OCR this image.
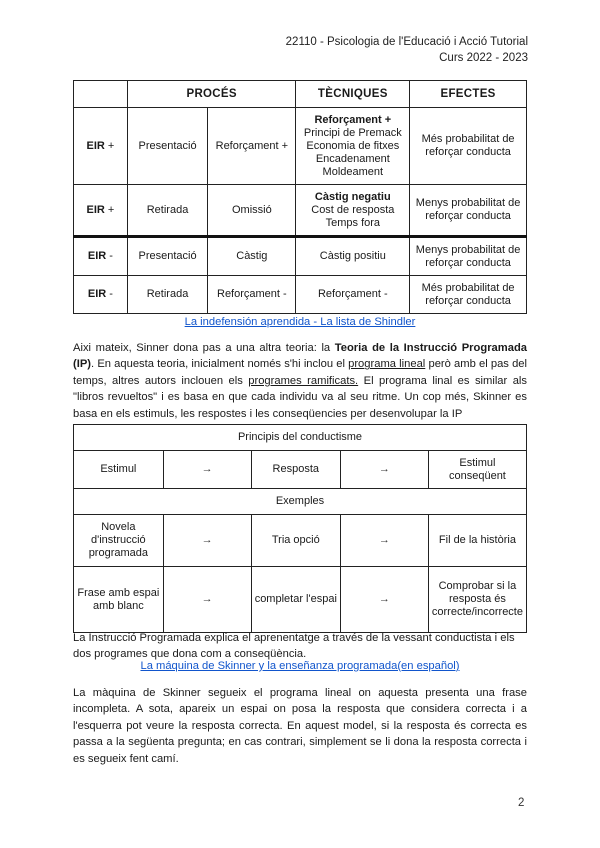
22110 - Psicologia de l'Educació i Acció Tutorial
Curs 2022 - 2023
	PROCÉS		TÈCNIQUES	EFECTES
EIR +	Presentació	Reforçament +	Reforçament +
Principi de Premack
Economia de fitxes
Encadenament
Moldeament	Més probabilitat de reforçar conducta
EIR +	Retirada	Omissió	Càstig negatiu
Cost de resposta
Temps fora	Menys probabilitat de reforçar conducta
EIR -	Presentació	Càstig	Càstig positiu	Menys probabilitat de reforçar conducta
EIR -	Retirada	Reforçament -	Reforçament -	Més probabilitat de reforçar conducta
La indefensión aprendida - La lista de Shindler
Aixi mateix, Sinner dona pas a una altra teoria: la Teoria de la Instrucció Programada (IP). En aquesta teoria, inicialment només s'hi inclou el programa lineal però amb el pas del temps, altres autors inclouen els programes ramificats. El programa linal es similar als "libros revueltos" i es basa en que cada individu va al seu ritme. Un cop més, Skinner es basa en els estimuls, les respostes i les conseqüencies per desenvolupar la IP
Principis del conductisme				
Estimul	→	Resposta	→	Estimul conseqüent
Exemples				
Novela d'instrucció programada	→	Tria opció	→	Fil de la història
Frase amb espai amb blanc	→	completar l'espai	→	Comprobar si la resposta és correcte/incorrecte
La Instrucció Programada explica el aprenentatge a través de la vessant conductista i els dos programes que dona com a conseqüència.
La máquina de Skinner y la enseñanza programada(en español)
La màquina de Skinner segueix el programa lineal on aquesta presenta una frase incompleta. A sota, apareix un espai on posa la resposta que considera correcta i a l'esquerra pot veure la resposta correcta. En aquest model, si la resposta és correcta es passa a la següenta pregunta; en cas contrari, simplement se li dona la resposta correcta i es segueix fent camí.
2
